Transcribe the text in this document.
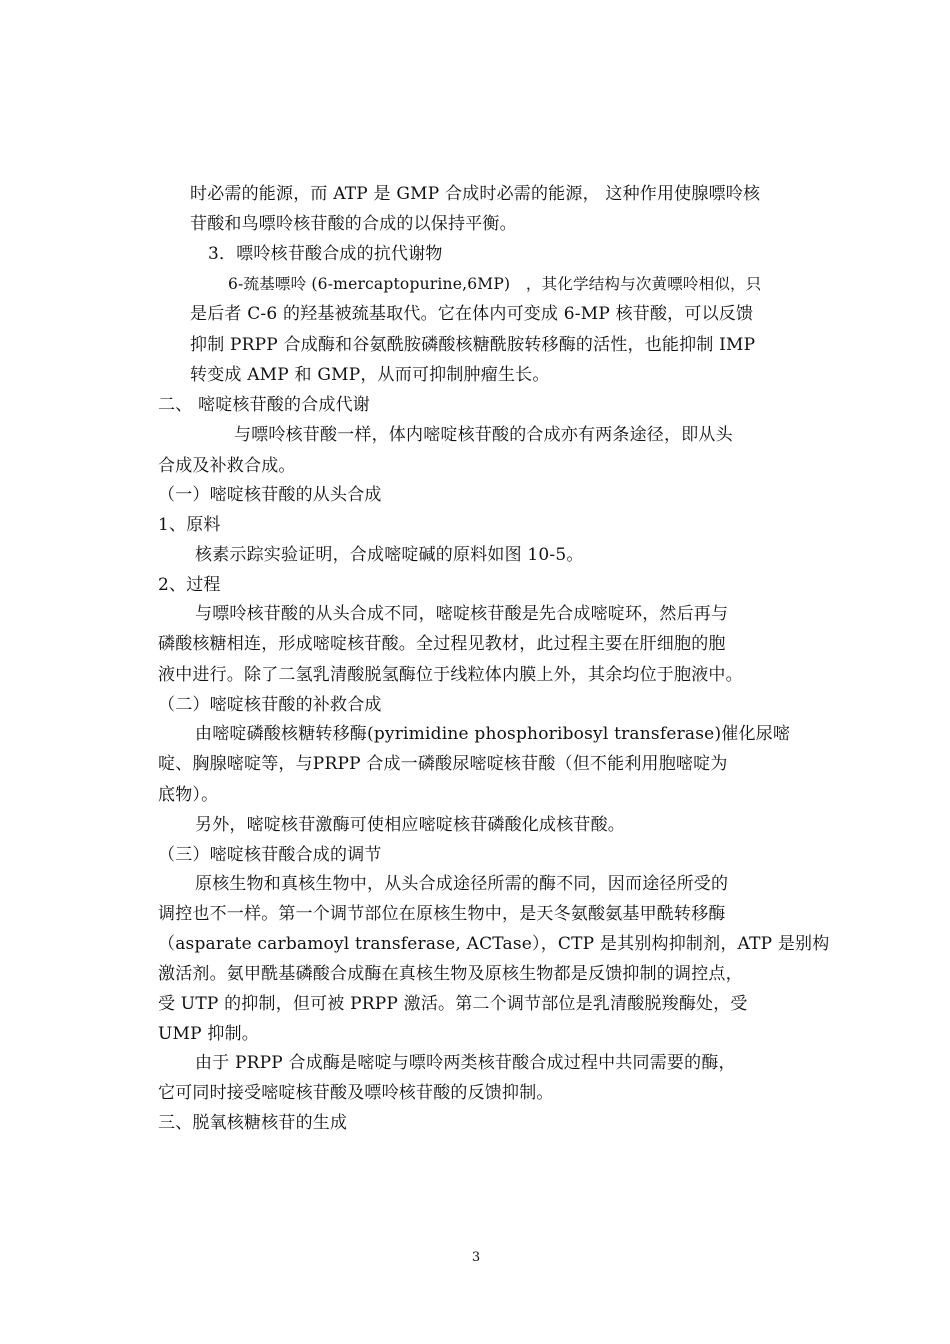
时必需的能源，而 ATP 是 GMP 合成时必需的能源， 这种作用使腺嘌呤核
苷酸和鸟嘌呤核苷酸的合成的以保持平衡。
3．嘌呤核苷酸合成的抗代谢物
6-巯基嘌呤 (6-mercaptopurine,6MP)　，其化学结构与次黄嘌呤相似，只
是后者 C-6 的羟基被巯基取代。它在体内可变成 6-MP 核苷酸，可以反馈
抑制 PRPP 合成酶和谷氨酰胺磷酸核糖酰胺转移酶的活性，也能抑制 IMP
转变成 AMP 和 GMP，从而可抑制肿瘤生长。
二、 嘧啶核苷酸的合成代谢
与嘌呤核苷酸一样，体内嘧啶核苷酸的合成亦有两条途径，即从头
合成及补救合成。
（一）嘧啶核苷酸的从头合成
1、原料
核素示踪实验证明，合成嘧啶碱的原料如图 10-5。
2、过程
与嘌呤核苷酸的从头合成不同，嘧啶核苷酸是先合成嘧啶环，然后再与
磷酸核糖相连，形成嘧啶核苷酸。全过程见教材，此过程主要在肝细胞的胞
液中进行。除了二氢乳清酸脱氢酶位于线粒体内膜上外，其余均位于胞液中。
（二）嘧啶核苷酸的补救合成
由嘧啶磷酸核糖转移酶(pyrimidine phosphoribosyl transferase)催化尿嘧
啶、胸腺嘧啶等，与PRPP 合成一磷酸尿嘧啶核苷酸（但不能利用胞嘧啶为
底物）。
另外，嘧啶核苷激酶可使相应嘧啶核苷磷酸化成核苷酸。
（三）嘧啶核苷酸合成的调节
原核生物和真核生物中，从头合成途径所需的酶不同，因而途径所受的
调控也不一样。第一个调节部位在原核生物中，是天冬氨酸氨基甲酰转移酶
（asparate carbamoyl transferase, ACTase），CTP 是其别构抑制剂，ATP 是别构
激活剂。氨甲酰基磷酸合成酶在真核生物及原核生物都是反馈抑制的调控点，
受 UTP 的抑制，但可被 PRPP 激活。第二个调节部位是乳清酸脱羧酶处，受
UMP 抑制。
由于 PRPP 合成酶是嘧啶与嘌呤两类核苷酸合成过程中共同需要的酶，
它可同时接受嘧啶核苷酸及嘌呤核苷酸的反馈抑制。
三、脱氧核糖核苷的生成
3
